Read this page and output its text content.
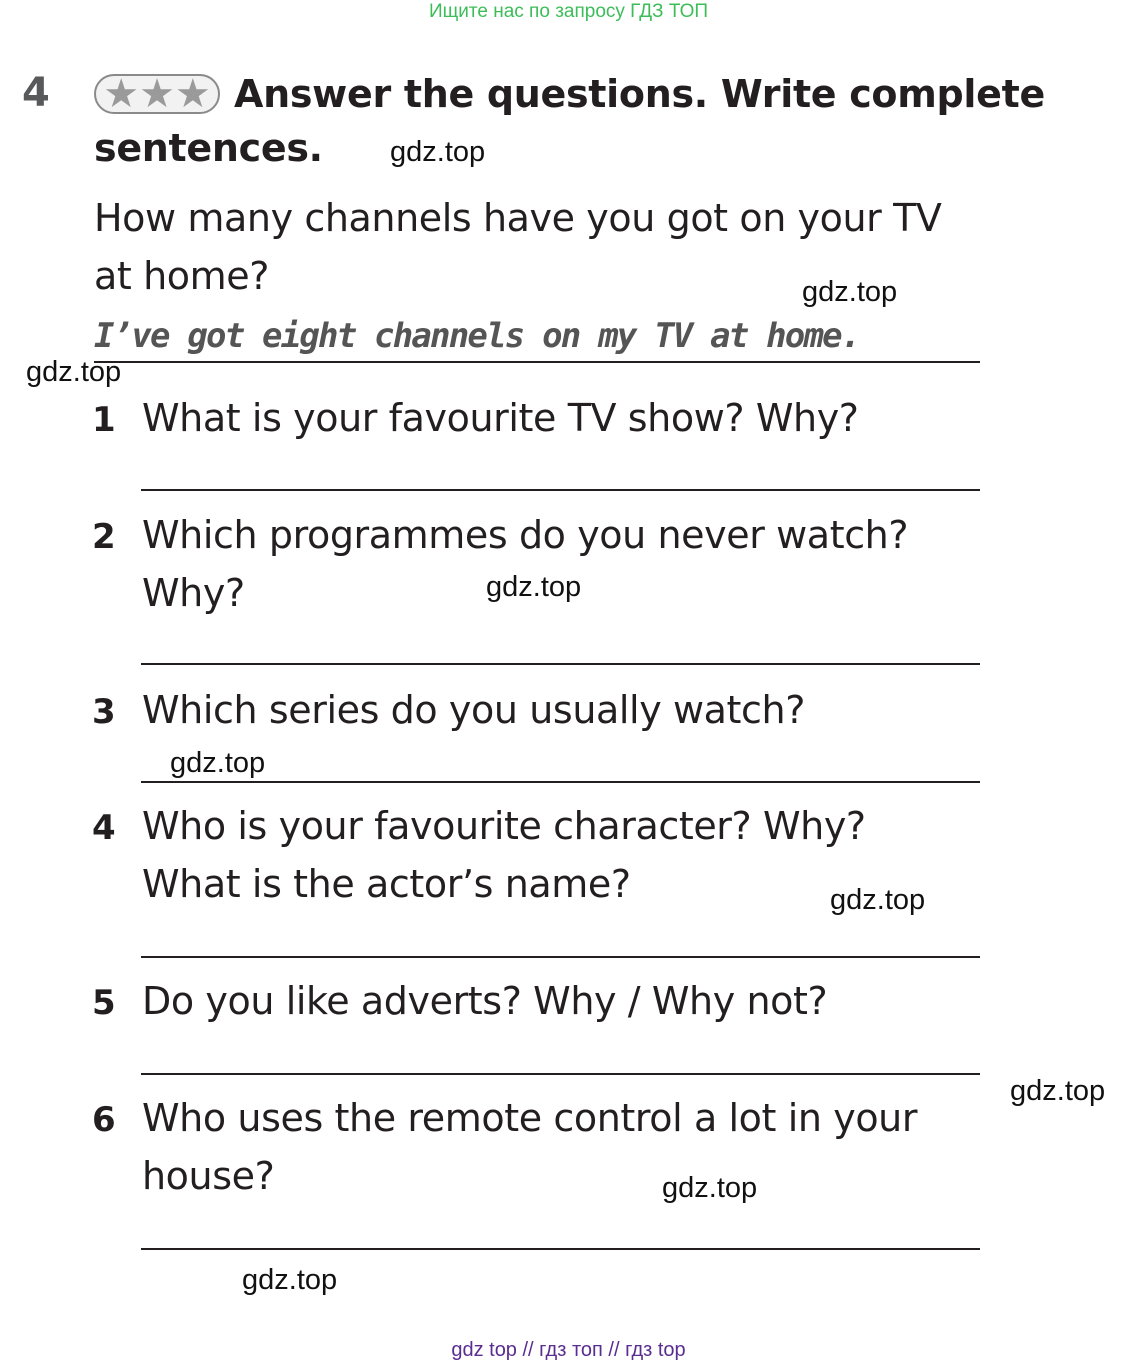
Ищите нас по запросу ГДЗ ТОП
4 ★★★ Answer the questions. Write complete
sentences.
How many channels have you got on your TV
at home?
I’ve got eight channels on my TV at home.
1 What is your favourite TV show? Why?
2 Which programmes do you never watch?
Why?
3 Which series do you usually watch?
4 Who is your favourite character? Why?
What is the actor’s name?
5 Do you like adverts? Why / Why not?
6 Who uses the remote control a lot in your
house?
gdz.top
gdz.top
gdz.top
gdz.top
gdz.top
gdz.top
gdz.top
gdz.top
gdz.top
gdz top // гдз топ // гдз top
